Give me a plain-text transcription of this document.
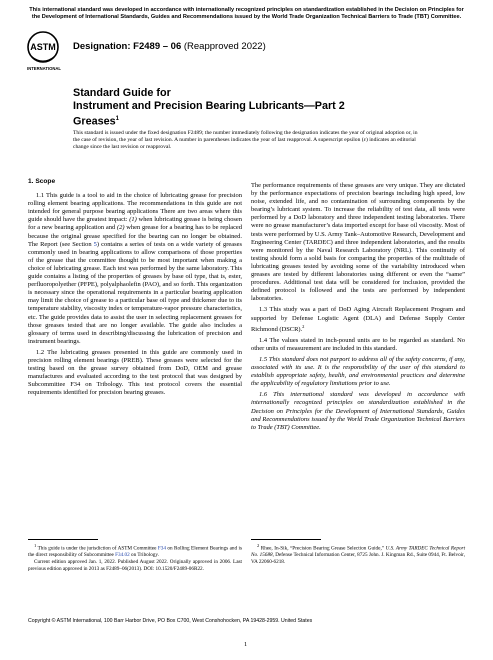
This international standard was developed in accordance with internationally recognized principles on standardization established in the Decision on Principles for the Development of International Standards, Guides and Recommendations issued by the World Trade Organization Technical Barriers to Trade (TBT) Committee.
ASTM
INTERNATIONAL
Designation: F2489 – 06 (Reapproved 2022)
Standard Guide for
Instrument and Precision Bearing Lubricants—Part 2
Greases$^1$
This standard is issued under the fixed designation F2489; the number immediately following the designation indicates the year of original adoption or, in the case of revision, the year of last revision. A number in parentheses indicates the year of last reapproval. A superscript epsilon (ε) indicates an editorial change since the last revision or reapproval.
1. Scope

1.1 This guide is a tool to aid in the choice of lubricating grease for precision rolling element bearing applications. The recommendations in this guide are not intended for general purpose bearing applications There are two areas where this guide should have the greatest impact: (1) when lubricating grease is being chosen for a new bearing application and (2) when grease for a bearing has to be replaced because the original grease specified for the bearing can no longer be obtained. The Report (see Section 5) contains a series of tests on a wide variety of greases commonly used in bearing applications to allow comparisons of those properties of the grease that the committee thought to be most important when making a choice of lubricating grease. Each test was performed by the same laboratory. This guide contains a listing of the properties of greases by base oil type, that is, ester, perfluoropolyether (PFPE), polyalphaolefin (PAO), and so forth. This organization is necessary since the operational requirements in a particular bearing application may limit the choice of grease to a particular base oil type and thickener due to its temperature stability, viscosity index or temperature-vapor pressure characteristics, etc. The guide provides data to assist the user in selecting replacement greases for those greases tested that are no longer available. The guide also includes a glossary of terms used in describing/discussing the lubrication of precision and instrument bearings.

1.2 The lubricating greases presented in this guide are commonly used in precision rolling element bearings (PREB). These greases were selected for the testing based on the grease survey obtained from DoD, OEM and grease manufactures and evaluated according to the test protocol that was designed by Subcommittee F34 on Tribology. This test protocol covers the essential requirements identified for precision bearing greases.

The performance requirements of these greases are very unique. They are dictated by the performance expectations of precision bearings including high speed, low noise, extended life, and no contamination of surrounding components by the bearing’s lubricant system. To increase the reliability of test data, all tests were performed by a DoD laboratory and three independent testing laboratories. There were no grease manufacturer’s data imported except for base oil viscosity. Most of tests were performed by U.S. Army Tank–Automotive Research, Development and Engineering Center (TARDEC) and three independent laboratories, and the results were monitored by the Naval Research Laboratory (NRL). This continuity of testing should form a solid basis for comparing the properties of the multitude of lubricating greases tested by avoiding some of the variability introduced when greases are tested by different laboratories using different or even the “same” procedures. Additional test data will be considered for inclusion, provided the defined protocol is followed and the tests are performed by independent laboratories.

1.3 This study was a part of DoD Aging Aircraft Replacement Program and supported by Defense Logistic Agent (DLA) and Defense Supply Center Richmond (DSCR).$^2$

1.4 The values stated in inch-pound units are to be regarded as standard. No other units of measurement are included in this standard.

1.5 This standard does not purport to address all of the safety concerns, if any, associated with its use. It is the responsibility of the user of this standard to establish appropriate safety, health, and environmental practices and determine the applicability of regulatory limitations prior to use.

1.6 This international standard was developed in accordance with internationally recognized principles on standardization established in the Decision on Principles for the Development of International Standards, Guides and Recommendations issued by the World Trade Organization Technical Barriers to Trade (TBT) Committee.

$^1$ This guide is under the jurisdiction of ASTM Committee F34 on Rolling Element Bearings and is the direct responsibility of Subcommittee F34.02 on Tribology.

Current edition approved Jan. 1, 2022. Published August 2022. Originally approved in 2006. Last previous edition approved in 2013 as F2489–06(2013). DOI: 10.1520/F2489-06R22.

$^2$ Rhee, In-Sik, “Precision Bearing Grease Selection Guide,” U.S. Army TARDEC Technical Report No. 15688, Defense Technical Information Center, 8725 John. J. Kingman Rd., Suite 0944, Ft. Belvoir, VA 22060-6218.

Copyright © ASTM International, 100 Barr Harbor Drive, PO Box C700, West Conshohocken, PA 19428-2959. United States
1
